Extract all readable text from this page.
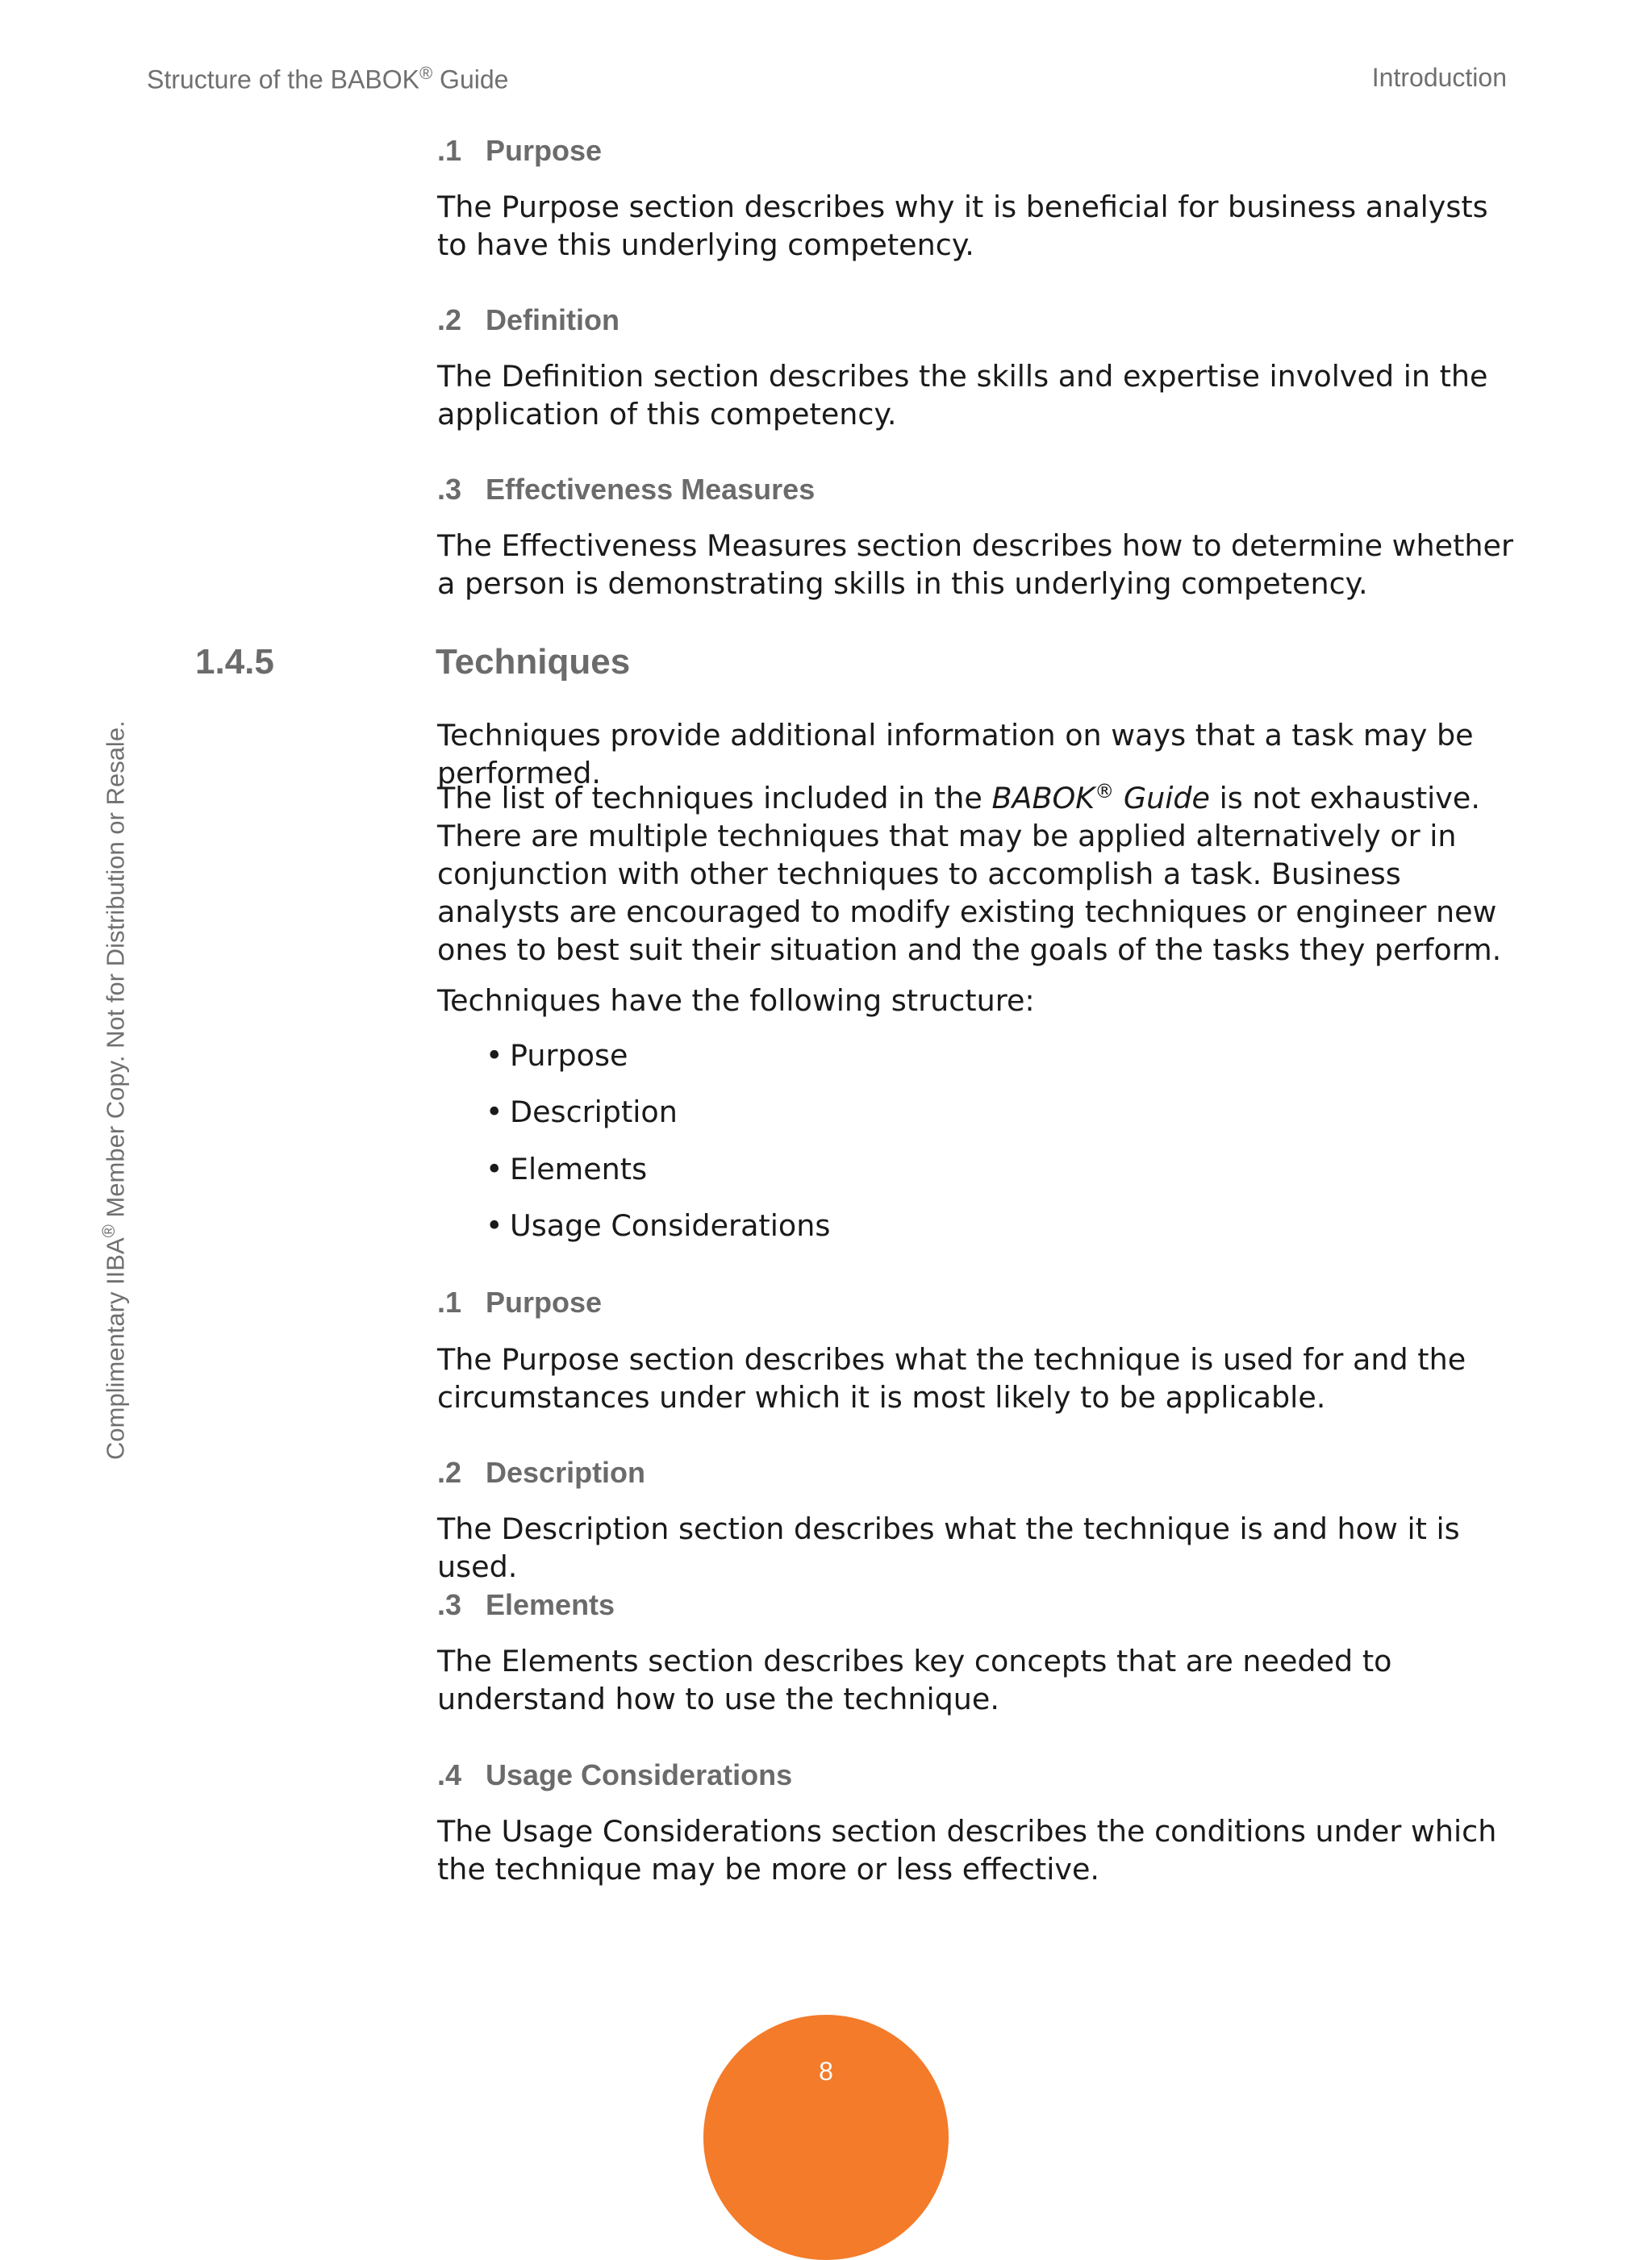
Structure of the BABOK® Guide	Introduction
Complimentary IIBA® Member Copy. Not for Distribution or Resale.
.1 Purpose

The Purpose section describes why it is beneficial for business analysts to have this underlying competency.

.2 Definition

The Definition section describes the skills and expertise involved in the application of this competency.

.3 Effectiveness Measures

The Effectiveness Measures section describes how to determine whether a person is demonstrating skills in this underlying competency.

1.4.5	Techniques

Techniques provide additional information on ways that a task may be performed.

The list of techniques included in the BABOK® Guide is not exhaustive. There are multiple techniques that may be applied alternatively or in conjunction with other techniques to accomplish a task. Business analysts are encouraged to modify existing techniques or engineer new ones to best suit their situation and the goals of the tasks they perform.

Techniques have the following structure:

• Purpose
• Description
• Elements
• Usage Considerations
.1 Purpose

The Purpose section describes what the technique is used for and the circumstances under which it is most likely to be applicable.

.2 Description

The Description section describes what the technique is and how it is used.

.3 Elements

The Elements section describes key concepts that are needed to understand how to use the technique.

.4 Usage Considerations

The Usage Considerations section describes the conditions under which the technique may be more or less effective.

8
